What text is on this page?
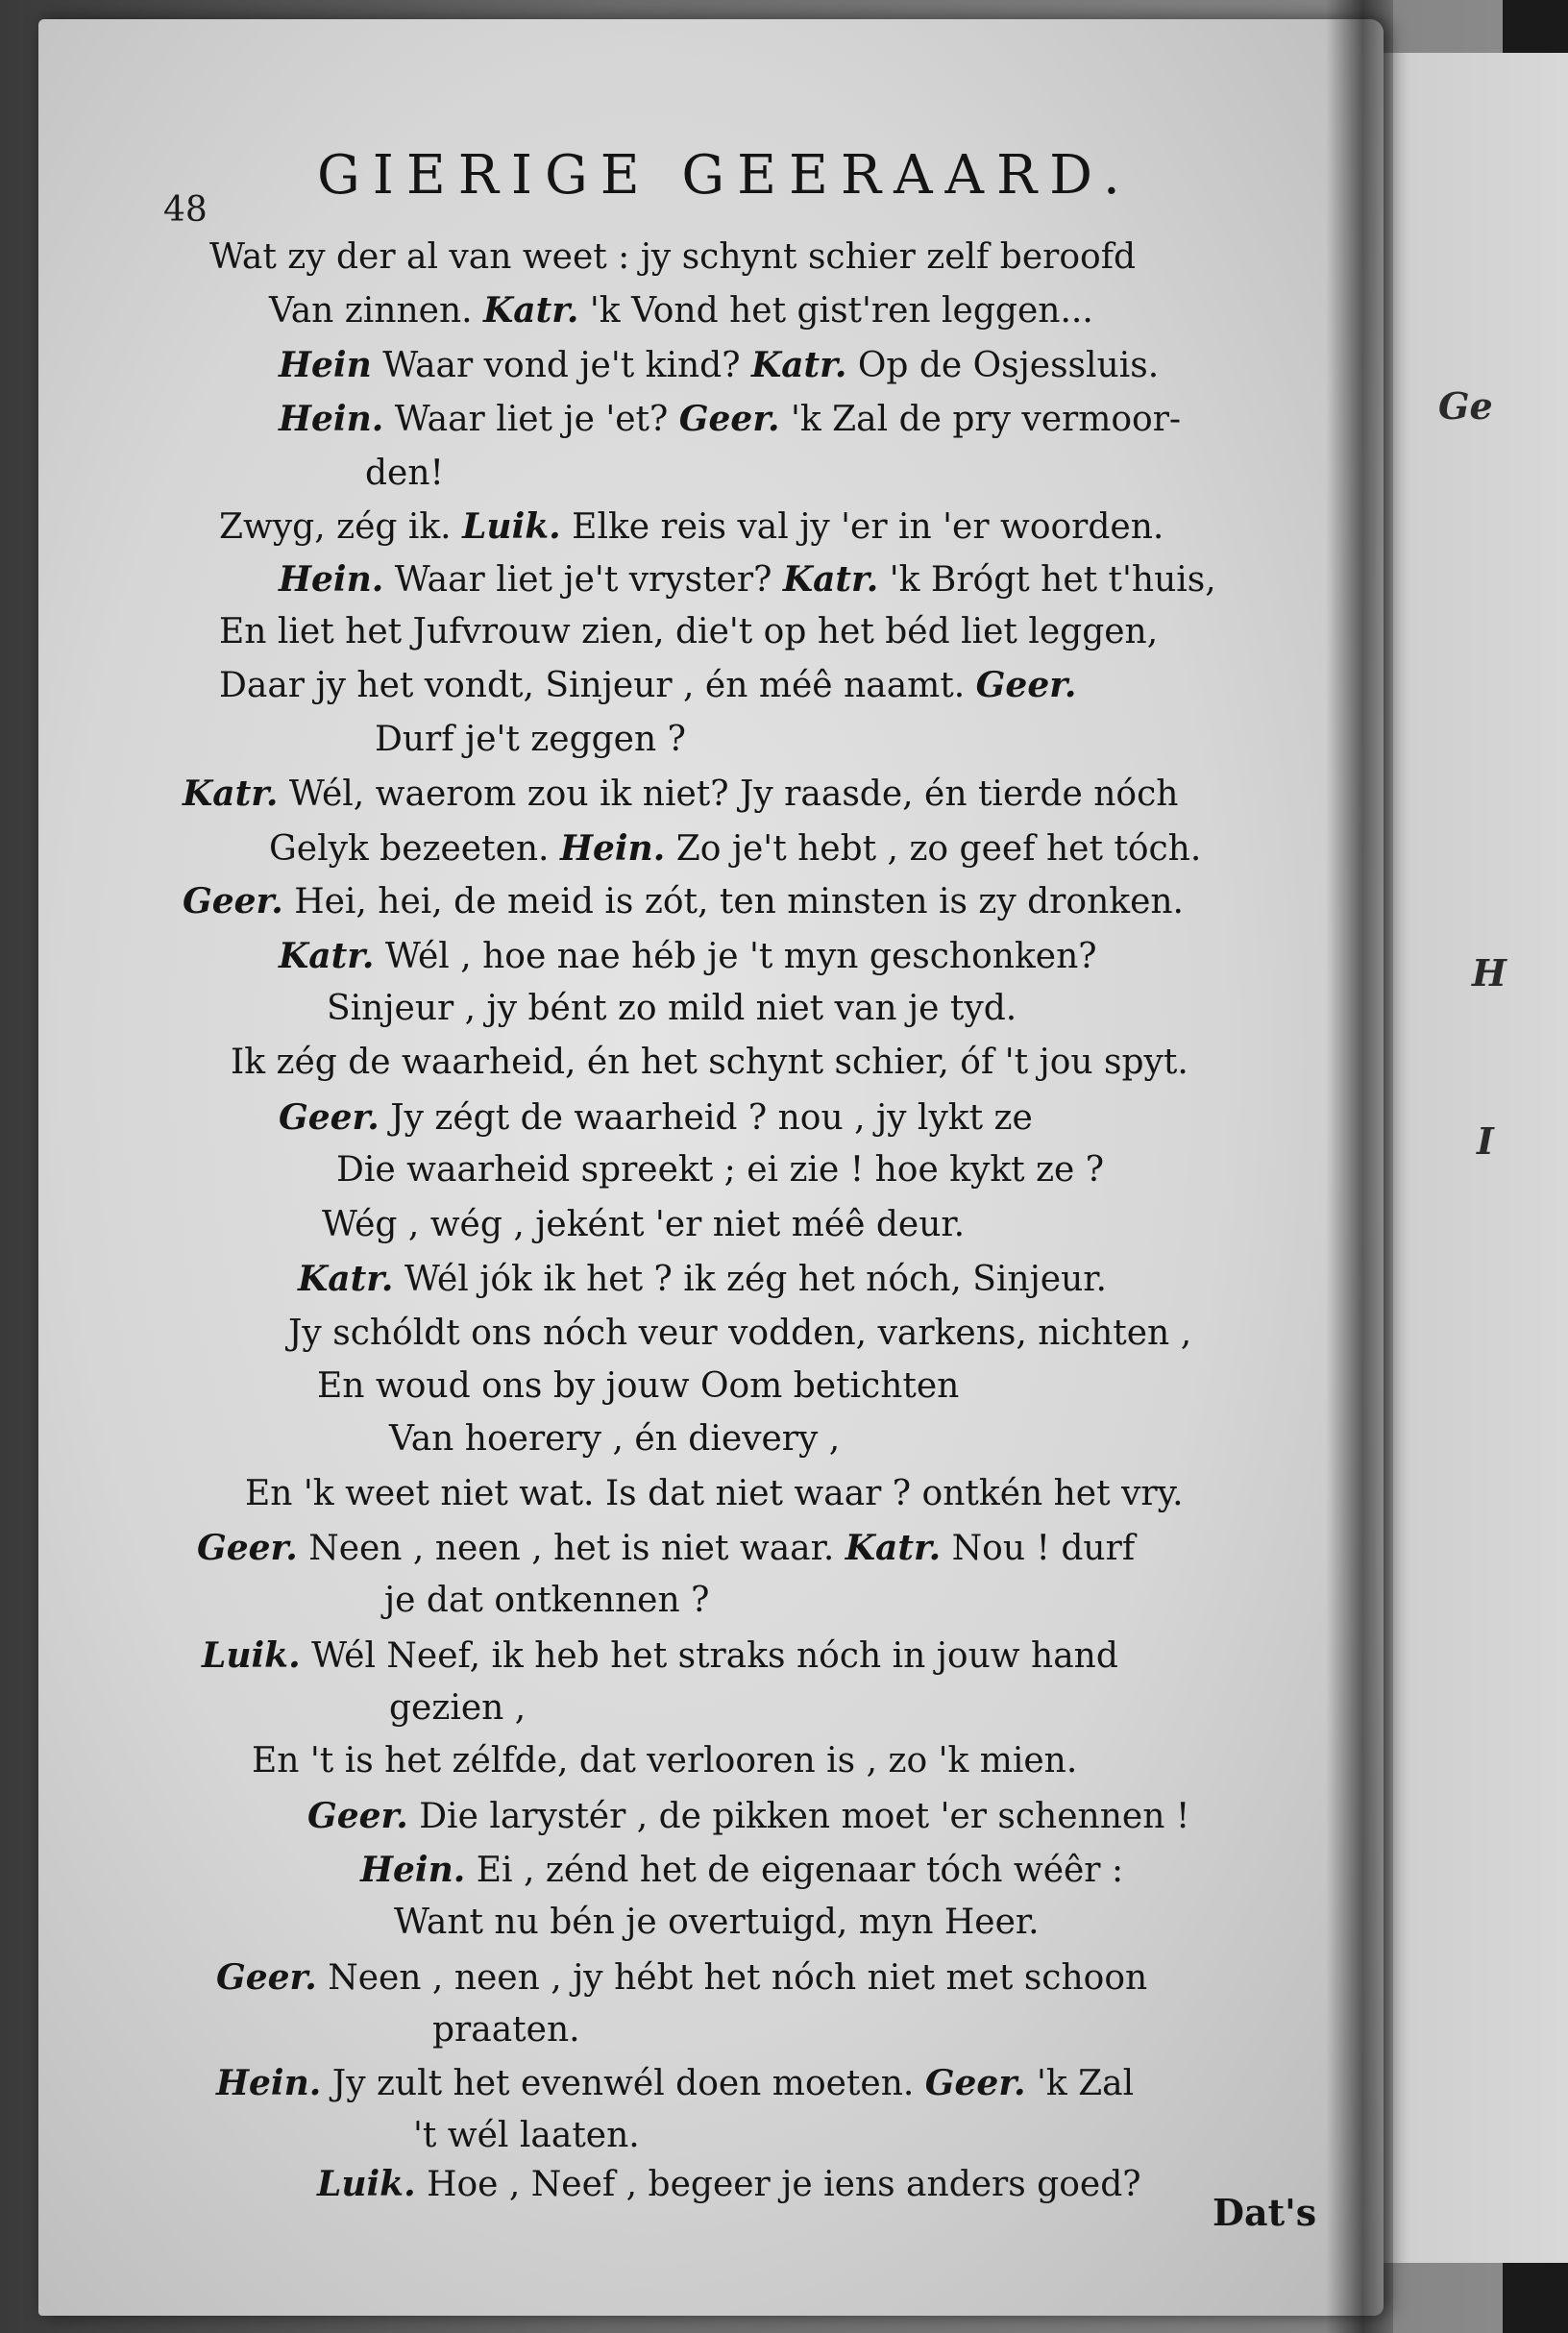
Ge
H
I
48
GIERIGE GEERAARD.
Wat zy der al van weet : jy schynt schier zelf beroofd
Van zinnen. Katr. 'k Vond het gist'ren leggen...
Hein Waar vond je't kind? Katr. Op de Osjessluis.
Hein. Waar liet je 'et? Geer. 'k Zal de pry vermoor-
den!
Zwyg, zég ik. Luik. Elke reis val jy 'er in 'er woorden.
Hein. Waar liet je't vryster? Katr. 'k Brógt het t'huis,
En liet het Jufvrouw zien, die't op het béd liet leggen,
Daar jy het vondt, Sinjeur , én méê naamt. Geer.
Durf je't zeggen ?
Katr. Wél, waerom zou ik niet? Jy raasde, én tierde nóch
Gelyk bezeeten. Hein. Zo je't hebt , zo geef het tóch.
Geer. Hei, hei, de meid is zót, ten minsten is zy dronken.
Katr. Wél , hoe nae héb je 't myn geschonken?
Sinjeur , jy bént zo mild niet van je tyd.
Ik zég de waarheid, én het schynt schier, óf 't jou spyt.
Geer. Jy zégt de waarheid ? nou , jy lykt ze
Die waarheid spreekt ; ei zie ! hoe kykt ze ?
Wég , wég , jeként 'er niet méê deur.
Katr. Wél jók ik het ? ik zég het nóch, Sinjeur.
Jy schóldt ons nóch veur vodden, varkens, nichten ,
En woud ons by jouw Oom betichten
Van hoerery , én dievery ,
En 'k weet niet wat. Is dat niet waar ? ontkén het vry.
Geer. Neen , neen , het is niet waar. Katr. Nou ! durf
je dat ontkennen ?
Luik. Wél Neef, ik heb het straks nóch in jouw hand
gezien ,
En 't is het zélfde, dat verlooren is , zo 'k mien.
Geer. Die larystér , de pikken moet 'er schennen !
Hein. Ei , zénd het de eigenaar tóch wéêr :
Want nu bén je overtuigd, myn Heer.
Geer. Neen , neen , jy hébt het nóch niet met schoon
praaten.
Hein. Jy zult het evenwél doen moeten. Geer. 'k Zal
't wél laaten.
Luik. Hoe , Neef , begeer je iens anders goed?
Dat's
